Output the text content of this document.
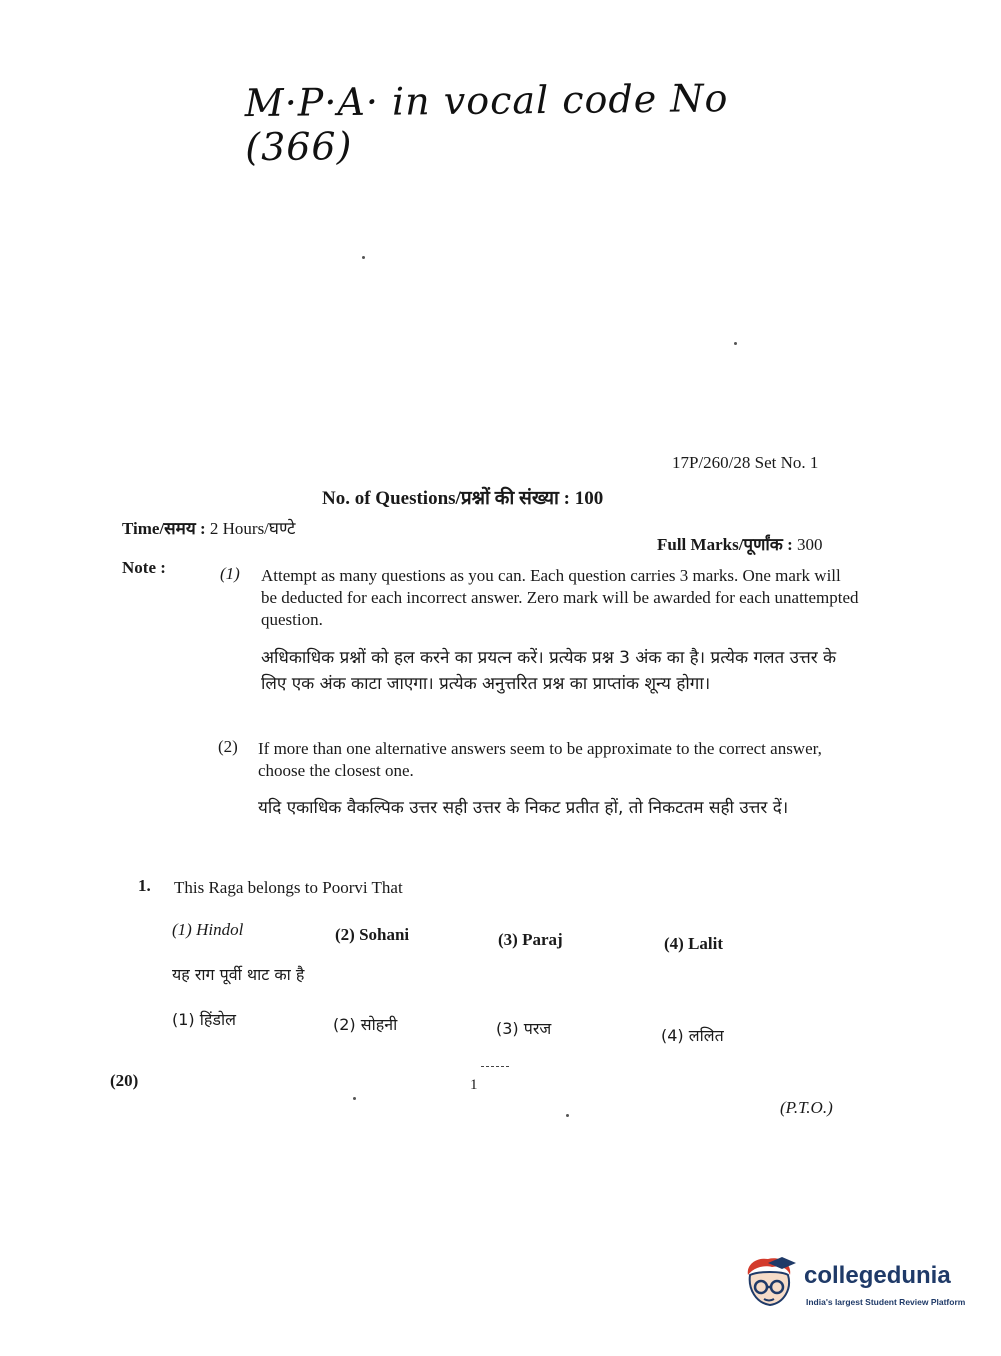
M·P·A· in vocal code No (366)
17P/260/28 Set No. 1
No. of Questions/प्रश्नों की संख्या : 100
Time/समय : 2 Hours/घण्टे
Full Marks/पूर्णांक : 300
Note :	(1) Attempt as many questions as you can. Each question carries 3 marks. One mark will be deducted for each incorrect answer. Zero mark will be awarded for each unattempted question.
अधिकाधिक प्रश्नों को हल करने का प्रयत्न करें। प्रत्येक प्रश्न 3 अंक का है। प्रत्येक गलत उत्तर के लिए एक अंक काटा जाएगा। प्रत्येक अनुत्तरित प्रश्न का प्राप्तांक शून्य होगा।
(2) If more than one alternative answers seem to be approximate to the correct answer, choose the closest one.
यदि एकाधिक वैकल्पिक उत्तर सही उत्तर के निकट प्रतीत हों, तो निकटतम सही उत्तर दें।
1. This Raga belongs to Poorvi That
(1) Hindol	(2) Sohani	(3) Paraj	(4) Lalit
यह राग पूर्वी थाट का है
(1) हिंडोल	(2) सोहनी	(3) परज	(4) ललित
(20)	1
(P.T.O.)
collegedunia
India's largest Student Review Platform
